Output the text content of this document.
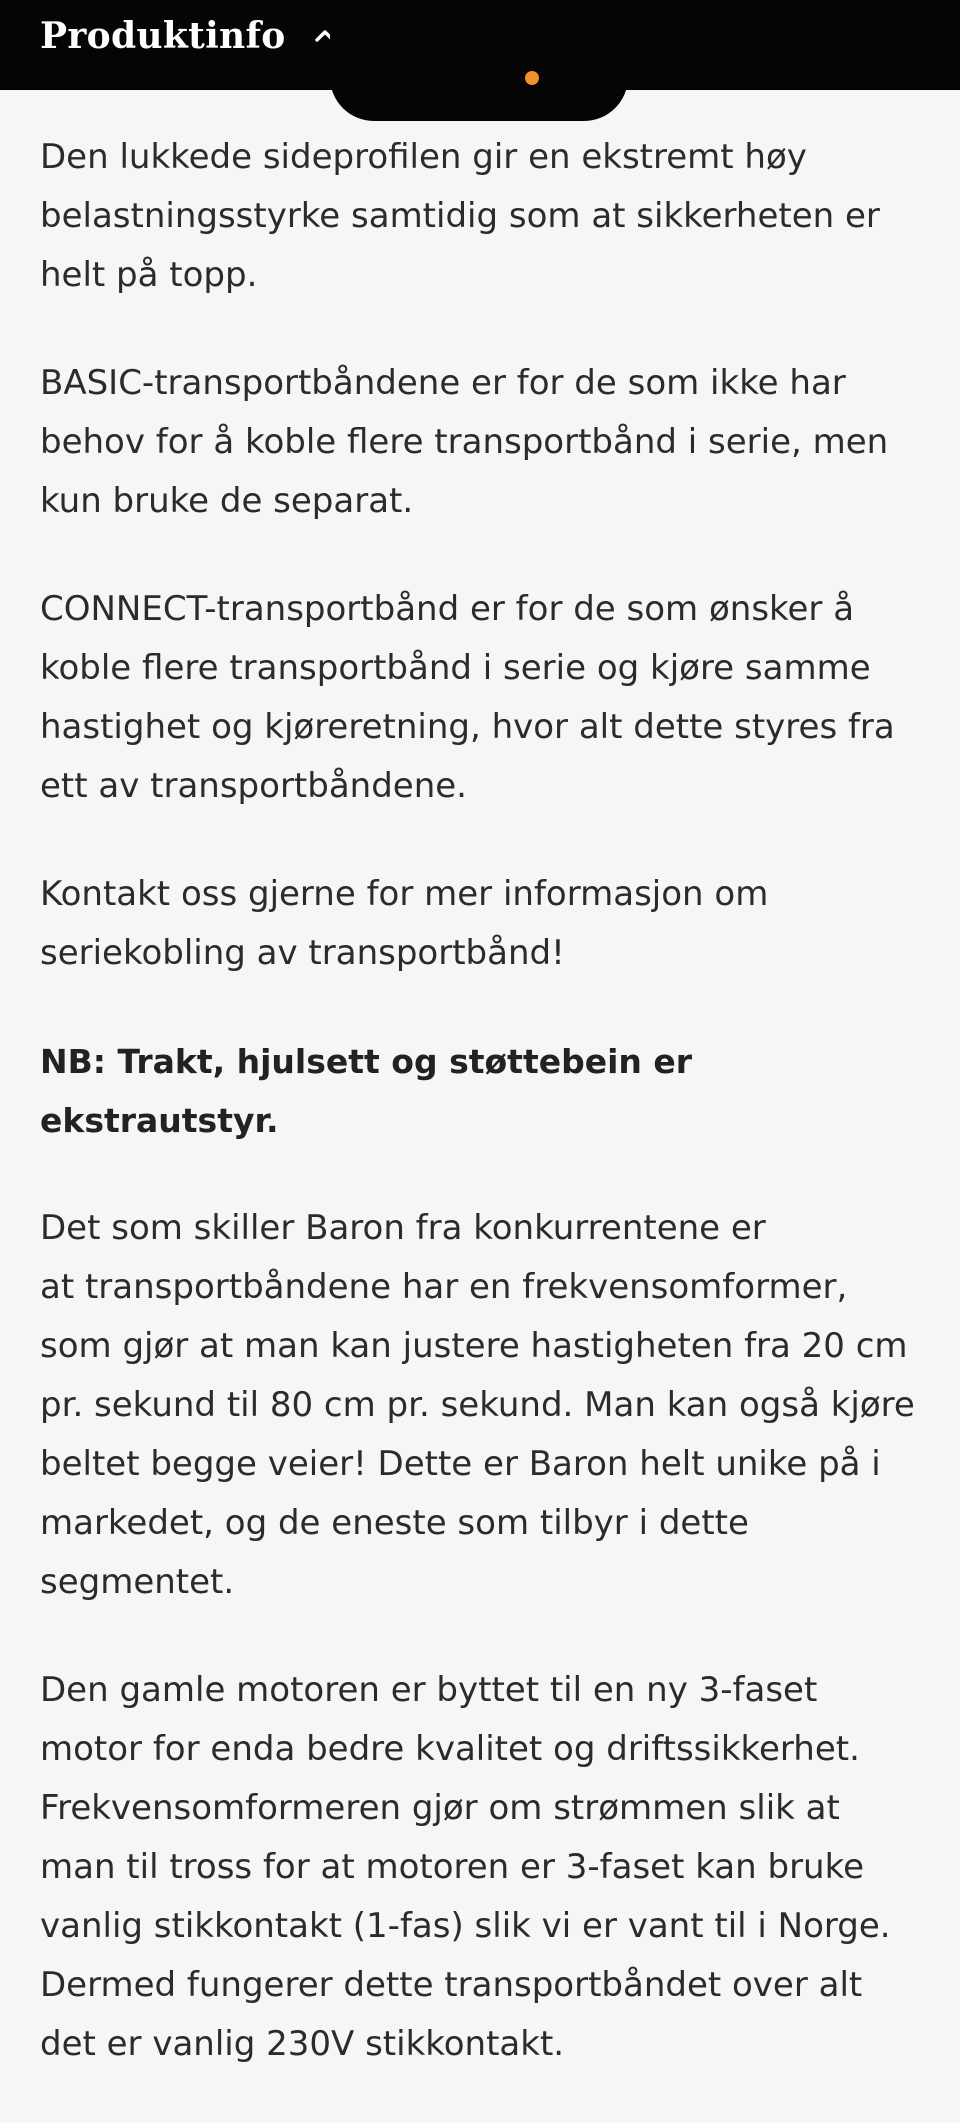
Produktinfo

Den lukkede sideprofilen gir en ekstremt høy
belastningsstyrke samtidig som at sikkerheten er
helt på topp.

BASIC-transportbåndene er for de som ikke har
behov for å koble flere transportbånd i serie, men
kun bruke de separat.

CONNECT-transportbånd er for de som ønsker å
koble flere transportbånd i serie og kjøre samme
hastighet og kjøreretning, hvor alt dette styres fra
ett av transportbåndene.

Kontakt oss gjerne for mer informasjon om
seriekobling av transportbånd!

NB: Trakt, hjulsett og støttebein er ekstrautstyr.

Det som skiller Baron fra konkurrentene er
at transportbåndene har en frekvensomformer,
som gjør at man kan justere hastigheten fra 20 cm
pr. sekund til 80 cm pr. sekund. Man kan også kjøre
beltet begge veier! Dette er Baron helt unike på i
markedet, og de eneste som tilbyr i dette
segmentet.

Den gamle motoren er byttet til en ny 3-faset
motor for enda bedre kvalitet og driftssikkerhet.
Frekvensomformeren gjør om strømmen slik at
man til tross for at motoren er 3-faset kan bruke
vanlig stikkontakt (1-fas) slik vi er vant til i Norge.
Dermed fungerer dette transportbåndet over alt
det er vanlig 230V stikkontakt.
